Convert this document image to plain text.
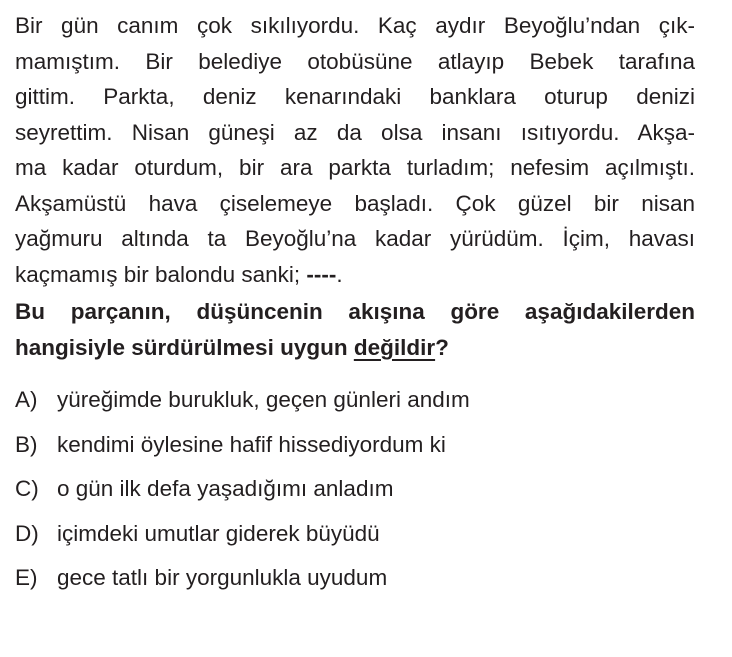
Bir gün canım çok sıkılıyordu. Kaç aydır Beyoğlu’ndan çık-
mamıştım. Bir belediye otobüsüne atlayıp Bebek tarafına
gittim. Parkta, deniz kenarındaki banklara oturup denizi
seyrettim. Nisan güneşi az da olsa insanı ısıtıyordu. Akşa-
ma kadar oturdum, bir ara parkta turladım; nefesim açılmıştı.
Akşamüstü hava çiselemeye başladı. Çok güzel bir nisan
yağmuru altında ta Beyoğlu’na kadar yürüdüm. İçim, havası
kaçmamış bir balondu sanki; ----.
Bu parçanın, düşüncenin akışına göre aşağıdakilerden
hangisiyle sürdürülmesi uygun değildir?
A) yüreğimde burukluk, geçen günleri andım
B) kendimi öylesine hafif hissediyordum ki
C) o gün ilk defa yaşadığımı anladım
D) içimdeki umutlar giderek büyüdü
E) gece tatlı bir yorgunlukla uyudum
